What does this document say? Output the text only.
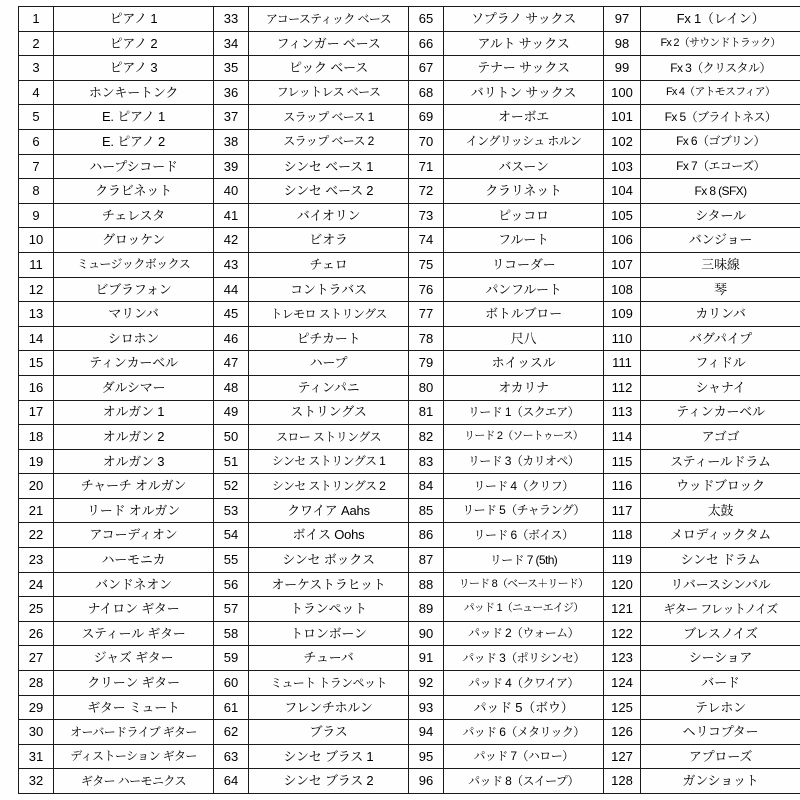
1	ピアノ 1	33	アコースティック ベース	65	ソプラノ サックス	97	Fx 1（レイン）
2	ピアノ 2	34	フィンガー ベース	66	アルト サックス	98	Fx 2（サウンドトラック）
3	ピアノ 3	35	ピック ベース	67	テナー サックス	99	Fx 3（クリスタル）
4	ホンキートンク	36	フレットレス ベース	68	バリトン サックス	100	Fx 4（アトモスフィア）
5	E. ピアノ 1	37	スラップ ベース 1	69	オーボエ	101	Fx 5（ブライトネス）
6	E. ピアノ 2	38	スラップ ベース 2	70	イングリッシュ ホルン	102	Fx 6（ゴブリン）
7	ハープシコード	39	シンセ ベース 1	71	バスーン	103	Fx 7（エコーズ）
8	クラビネット	40	シンセ ベース 2	72	クラリネット	104	Fx 8 (SFX)
9	チェレスタ	41	バイオリン	73	ピッコロ	105	シタール
10	グロッケン	42	ビオラ	74	フルート	106	バンジョー
11	ミュージックボックス	43	チェロ	75	リコーダー	107	三味線
12	ビブラフォン	44	コントラバス	76	パンフルート	108	琴
13	マリンバ	45	トレモロ ストリングス	77	ボトルブロー	109	カリンバ
14	シロホン	46	ピチカート	78	尺八	110	バグパイプ
15	ティンカーベル	47	ハープ	79	ホイッスル	111	フィドル
16	ダルシマー	48	ティンパニ	80	オカリナ	112	シャナイ
17	オルガン 1	49	ストリングス	81	リード 1（スクエア）	113	ティンカーベル
18	オルガン 2	50	スロー ストリングス	82	リード 2（ソートゥース）	114	アゴゴ
19	オルガン 3	51	シンセ ストリングス 1	83	リード 3（カリオペ）	115	スティールドラム
20	チャーチ オルガン	52	シンセ ストリングス 2	84	リード 4（クリフ）	116	ウッドブロック
21	リード オルガン	53	クワイア Aahs	85	リード 5（チャラング）	117	太鼓
22	アコーディオン	54	ボイス Oohs	86	リード 6（ボイス）	118	メロディックタム
23	ハーモニカ	55	シンセ ボックス	87	リード 7 (5th)	119	シンセ ドラム
24	バンドネオン	56	オーケストラヒット	88	リード 8（ベース＋リード）	120	リバースシンバル
25	ナイロン ギター	57	トランペット	89	パッド 1（ニューエイジ）	121	ギター フレットノイズ
26	スティール ギター	58	トロンボーン	90	パッド 2（ウォーム）	122	ブレスノイズ
27	ジャズ ギター	59	チューバ	91	パッド 3（ポリシンセ）	123	シーショア
28	クリーン ギター	60	ミュート トランペット	92	パッド 4（クワイア）	124	バード
29	ギター ミュート	61	フレンチホルン	93	パッド 5（ボウ）	125	テレホン
30	オーバードライブ ギター	62	ブラス	94	パッド 6（メタリック）	126	ヘリコプター
31	ディストーション ギター	63	シンセ ブラス 1	95	パッド 7（ハロー）	127	アプローズ
32	ギター ハーモニクス	64	シンセ ブラス 2	96	パッド 8（スイープ）	128	ガンショット
